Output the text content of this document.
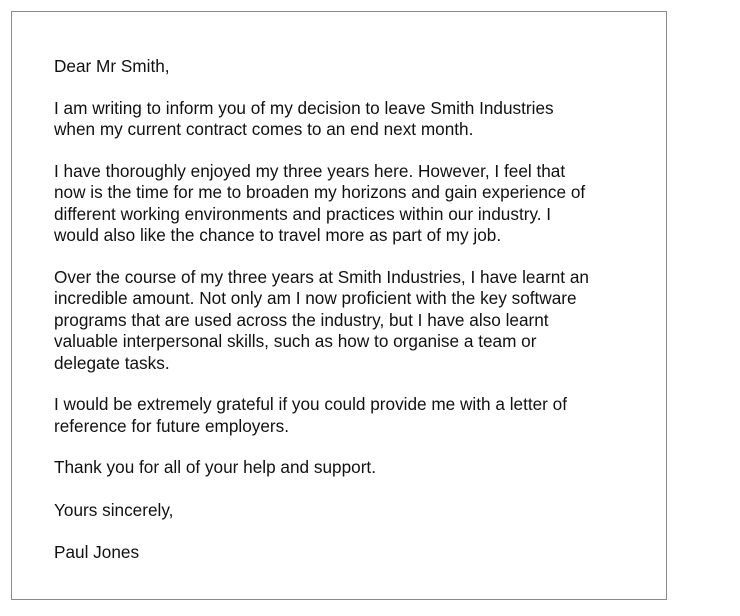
Dear Mr Smith,

I am writing to inform you of my decision to leave Smith Industries
when my current contract comes to an end next month.

I have thoroughly enjoyed my three years here. However, I feel that
now is the time for me to broaden my horizons and gain experience of
different working environments and practices within our industry. I
would also like the chance to travel more as part of my job.

Over the course of my three years at Smith Industries, I have learnt an
incredible amount. Not only am I now proficient with the key software
programs that are used across the industry, but I have also learnt
valuable interpersonal skills, such as how to organise a team or
delegate tasks.

I would be extremely grateful if you could provide me with a letter of
reference for future employers.

Thank you for all of your help and support.

Yours sincerely,

Paul Jones
